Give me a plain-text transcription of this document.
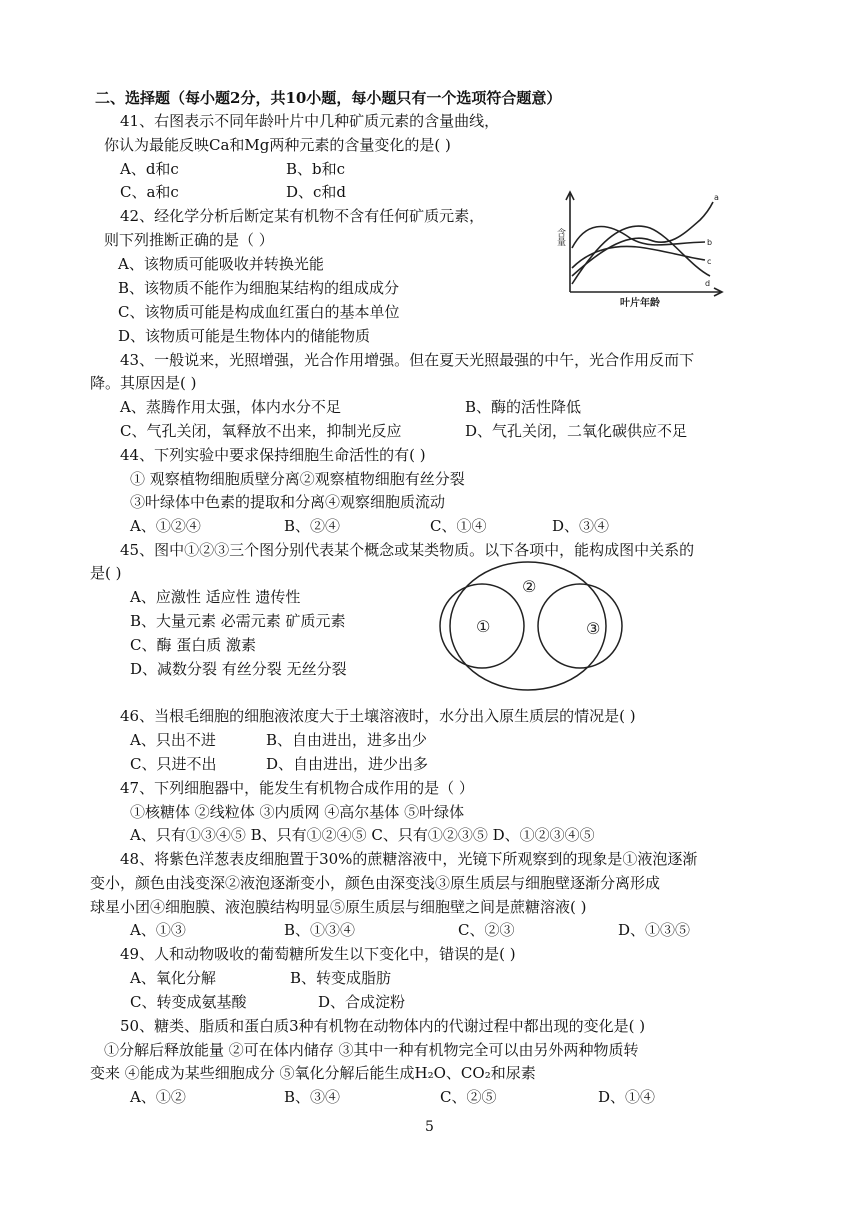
二、选择题（每小题2分，共10小题，每小题只有一个选项符合题意）
41、右图表示不同年龄叶片中几种矿质元素的含量曲线，
你认为最能反映Ca和Mg两种元素的含量变化的是( )
A、d和c	B、b和c
C、a和c	D、c和d	a
b
c
d
含量
叶片年龄
42、经化学分析后断定某有机物不含有任何矿质元素，
则下列推断正确的是（ ）
A、该物质可能吸收并转换光能
B、该物质不能作为细胞某结构的组成成分
C、该物质可能是构成血红蛋白的基本单位
D、该物质可能是生物体内的储能物质
43、一般说来，光照增强，光合作用增强。但在夏天光照最强的中午，光合作用反而下
降。其原因是( )
A、蒸腾作用太强，体内水分不足	B、酶的活性降低
C、气孔关闭，氧释放不出来，抑制光反应	D、气孔关闭，二氧化碳供应不足
44、下列实验中要求保持细胞生命活性的有( )
① 观察植物细胞质壁分离②观察植物细胞有丝分裂
③叶绿体中色素的提取和分离④观察细胞质流动
A、①②④	B、②④	C、①④	D、③④
45、图中①②③三个图分别代表某个概念或某类物质。以下各项中，能构成图中关系的
是( )
A、应激性 适应性 遗传性
B、大量元素 必需元素 矿质元素
C、酶 蛋白质 激素
D、减数分裂 有丝分裂 无丝分裂
①
②
③
46、当根毛细胞的细胞液浓度大于土壤溶液时，水分出入原生质层的情况是( )
A、只出不进	B、自由进出，进多出少
C、只进不出	D、自由进出，进少出多
47、下列细胞器中，能发生有机物合成作用的是（ ）
①核糖体 ②线粒体 ③内质网 ④高尔基体 ⑤叶绿体
A、只有①③④⑤ B、只有①②④⑤ C、只有①②③⑤ D、①②③④⑤
48、将紫色洋葱表皮细胞置于30%的蔗糖溶液中，光镜下所观察到的现象是①液泡逐渐
变小，颜色由浅变深②液泡逐渐变小，颜色由深变浅③原生质层与细胞壁逐渐分离形成
球星小团④细胞膜、液泡膜结构明显⑤原生质层与细胞壁之间是蔗糖溶液( )
A、①③	B、①③④	C、②③	D、①③⑤
49、人和动物吸收的葡萄糖所发生以下变化中，错误的是( )
A、氧化分解	B、转变成脂肪
C、转变成氨基酸	D、合成淀粉
50、糖类、脂质和蛋白质3种有机物在动物体内的代谢过程中都出现的变化是( )
①分解后释放能量 ②可在体内储存 ③其中一种有机物完全可以由另外两种物质转
变来 ④能成为某些细胞成分 ⑤氧化分解后能生成H₂O、CO₂和尿素
A、①②	B、③④	C、②⑤	D、①④
5
